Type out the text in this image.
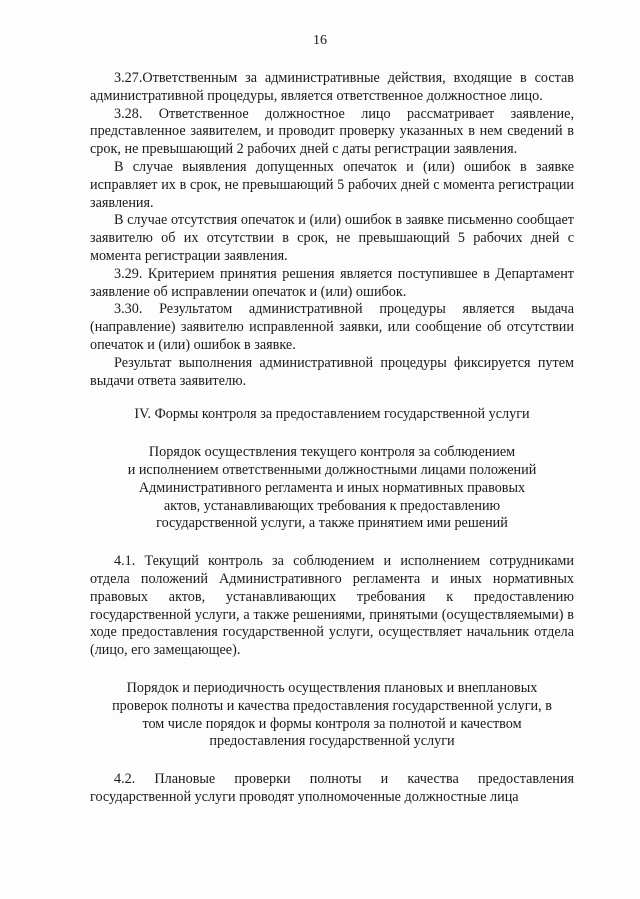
16

3.27.Ответственным за административные действия, входящие в состав административной процедуры, является ответственное должностное лицо.

3.28. Ответственное должностное лицо рассматривает заявление, представленное заявителем, и проводит проверку указанных в нем сведений в срок, не превышающий 2 рабочих дней с даты регистрации заявления.

В случае выявления допущенных опечаток и (или) ошибок в заявке исправляет их в срок, не превышающий 5 рабочих дней с момента регистрации заявления.

В случае отсутствия опечаток и (или) ошибок в заявке письменно сообщает заявителю об их отсутствии в срок, не превышающий 5 рабочих дней с момента регистрации заявления.

3.29. Критерием принятия решения является поступившее в Департамент заявление об исправлении опечаток и (или) ошибок.

3.30. Результатом административной процедуры является выдача (направление) заявителю исправленной заявки, или сообщение об отсутствии опечаток и (или) ошибок в заявке.

Результат выполнения административной процедуры фиксируется путем выдачи ответа заявителю.

IV. Формы контроля за предоставлением государственной услуги

Порядок осуществления текущего контроля за соблюдением

и исполнением ответственными должностными лицами положений

Административного регламента и иных нормативных правовых

актов, устанавливающих требования к предоставлению

государственной услуги, а также принятием ими решений

4.1. Текущий контроль за соблюдением и исполнением сотрудниками отдела положений Административного регламента и иных нормативных правовых актов, устанавливающих требования к предоставлению государственной услуги, а также решениями, принятыми (осуществляемыми) в ходе предоставления государственной услуги, осуществляет начальник отдела (лицо, его замещающее).

Порядок и периодичность осуществления плановых и внеплановых

проверок полноты и качества предоставления государственной услуги, в

том числе порядок и формы контроля за полнотой и качеством

предоставления государственной услуги

4.2. Плановые проверки полноты и качества предоставления государственной услуги проводят уполномоченные должностные лица
